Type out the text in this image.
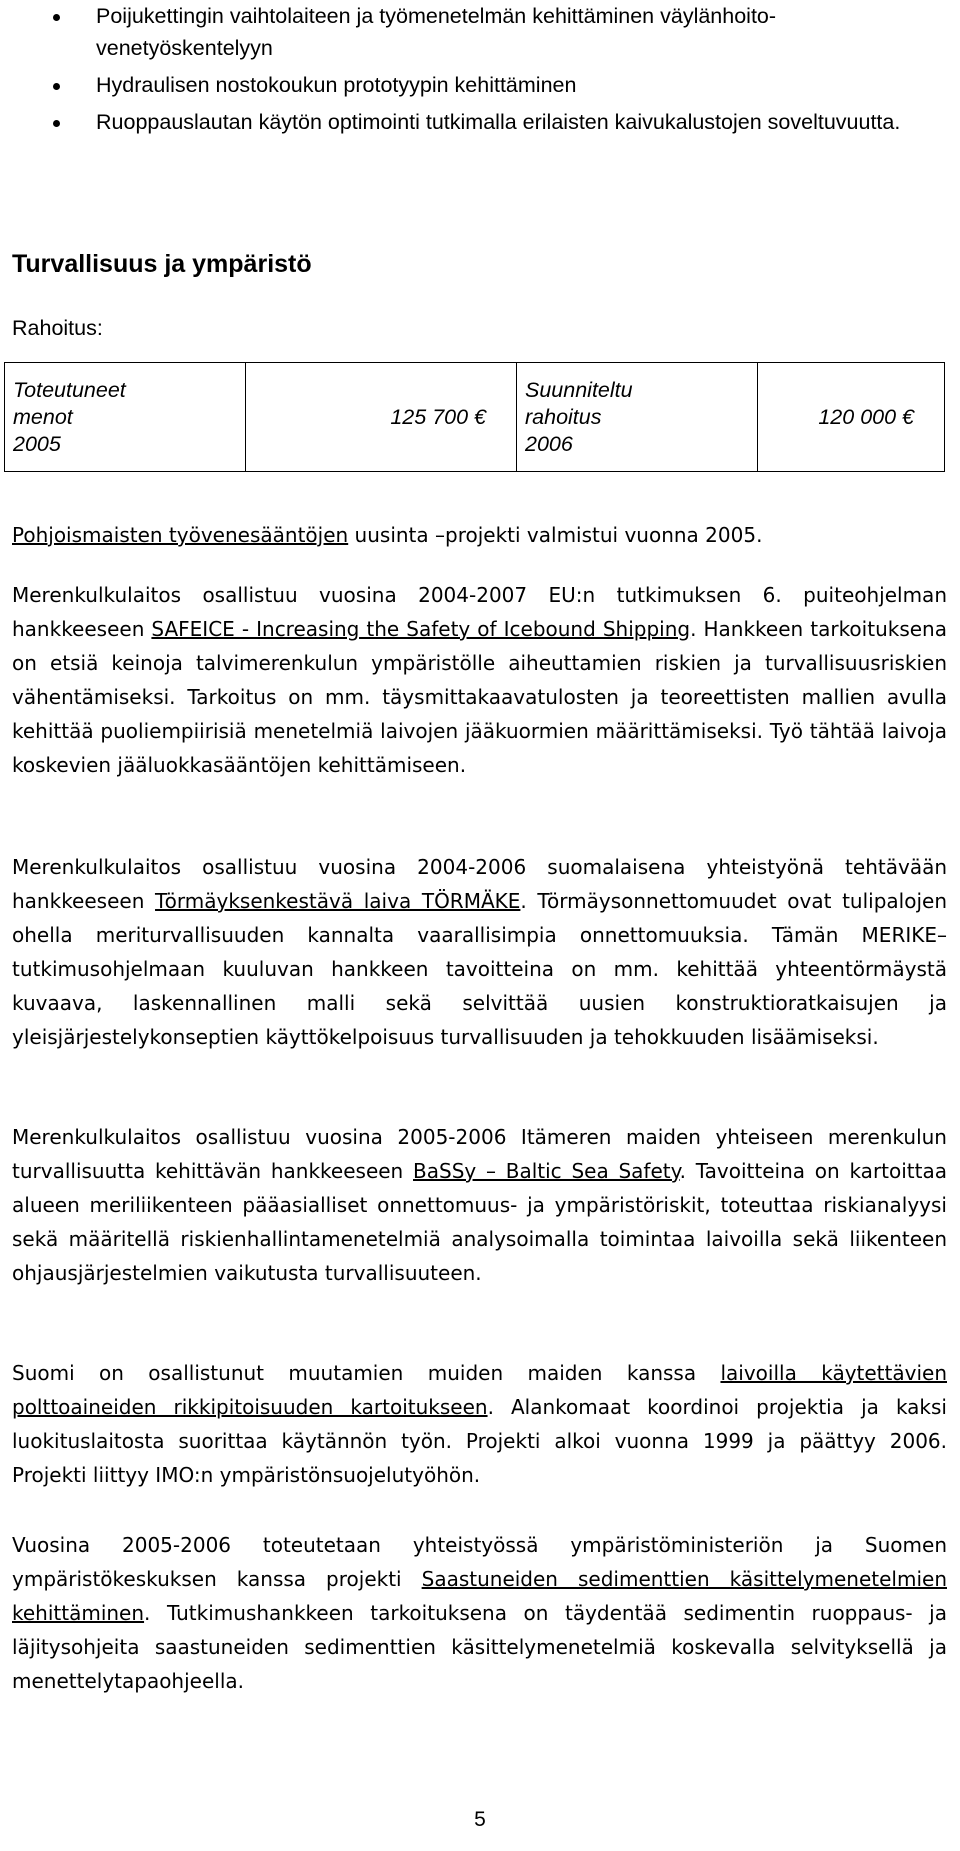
Poijukettingin vaihtolaiteen ja työmenetelmän kehittäminen väylänhoito-venetyöskentelyyn
Hydraulisen nostokoukun prototyypin kehittäminen
Ruoppauslautan käytön optimointi tutkimalla erilaisten kaivukalustojen soveltuvuutta.
Turvallisuus ja ympäristö

Rahoitus:

Toteutuneet
menot
2005	125 700 €	Suunniteltu
rahoitus
2006	120 000 €

Pohjoismaisten työvenesääntöjen uusinta –projekti valmistui vuonna 2005.

Merenkulkulaitos osallistuu vuosina 2004-2007 EU:n tutkimuksen 6. puiteohjelman hankkeeseen SAFEICE - Increasing the Safety of Icebound Shipping. Hankkeen tarkoituksena on etsiä keinoja talvimerenkulun ympäristölle aiheuttamien riskien ja turvallisuusriskien vähentämiseksi. Tarkoitus on mm. täysmittakaavatulosten ja teoreettisten mallien avulla kehittää puoliempiirisiä menetelmiä laivojen jääkuormien määrittämiseksi. Työ tähtää laivoja koskevien jääluokkasääntöjen kehittämiseen.

Merenkulkulaitos osallistuu vuosina 2004-2006 suomalaisena yhteistyönä tehtävään hankkeeseen Törmäyksenkestävä laiva TÖRMÄKE. Törmäysonnettomuudet ovat tulipalojen ohella meriturvallisuuden kannalta vaarallisimpia onnettomuuksia. Tämän MERIKE–tutkimusohjelmaan kuuluvan hankkeen tavoitteina on mm. kehittää yhteentörmäystä kuvaava, laskennallinen malli sekä selvittää uusien konstruktioratkaisujen ja yleisjärjestelykonseptien käyttökelpoisuus turvallisuuden ja tehokkuuden lisäämiseksi.

Merenkulkulaitos osallistuu vuosina 2005-2006 Itämeren maiden yhteiseen merenkulun turvallisuutta kehittävän hankkeeseen BaSSy – Baltic Sea Safety. Tavoitteina on kartoittaa alueen meriliikenteen pääasialliset onnettomuus- ja ympäristöriskit, toteuttaa riskianalyysi sekä määritellä riskienhallintamenetelmiä analysoimalla toimintaa laivoilla sekä liikenteen ohjausjärjestelmien vaikutusta turvallisuuteen.

Suomi on osallistunut muutamien muiden maiden kanssa laivoilla käytettävien polttoaineiden rikkipitoisuuden kartoitukseen. Alankomaat koordinoi projektia ja kaksi luokituslaitosta suorittaa käytännön työn. Projekti alkoi vuonna 1999 ja päättyy 2006. Projekti liittyy IMO:n ympäristönsuojelutyöhön.

Vuosina 2005-2006 toteutetaan yhteistyössä ympäristöministeriön ja Suomen ympäristökeskuksen kanssa projekti Saastuneiden sedimenttien käsittelymenetelmien kehittäminen. Tutkimushankkeen tarkoituksena on täydentää sedimentin ruoppaus- ja läjitysohjeita saastuneiden sedimenttien käsittelymenetelmiä koskevalla selvityksellä ja menettelytapaohjeella.

5
